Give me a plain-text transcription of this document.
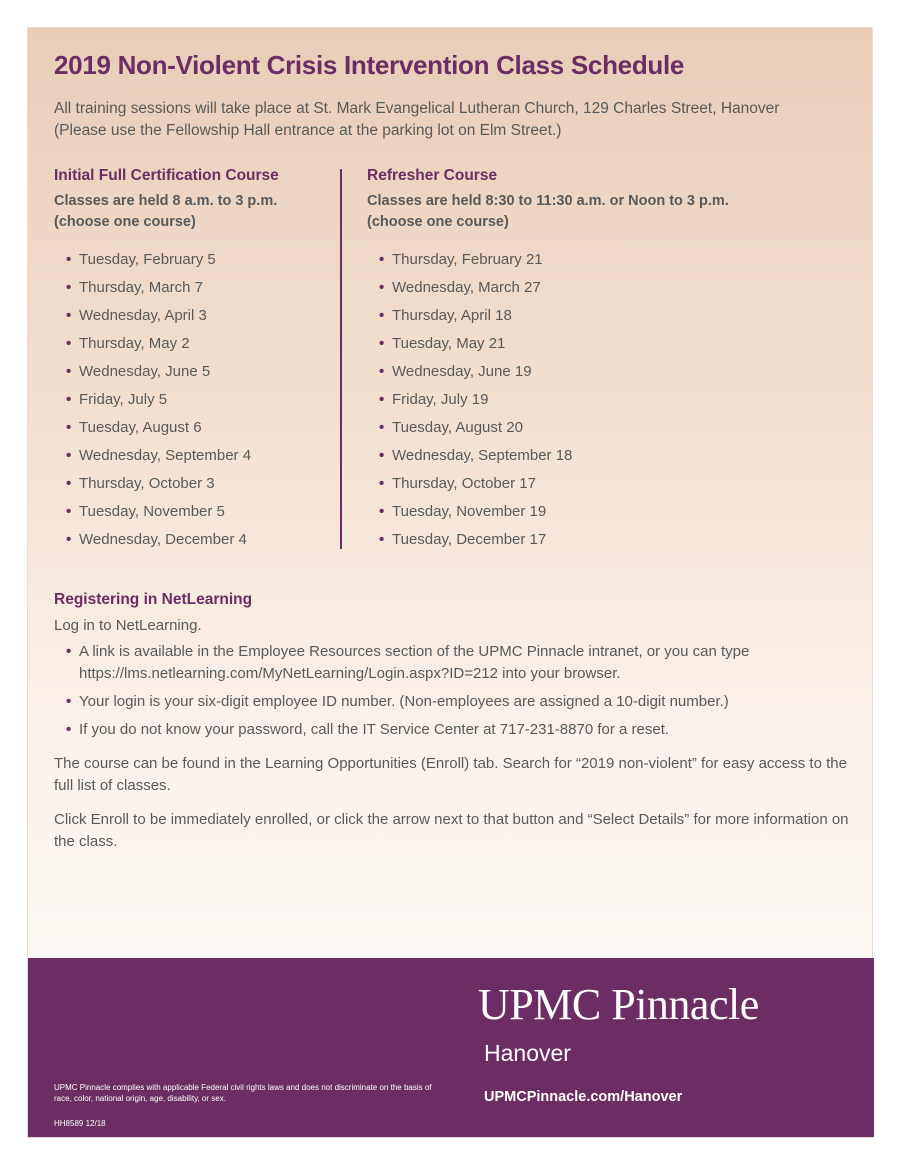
2019 Non-Violent Crisis Intervention Class Schedule
All training sessions will take place at St. Mark Evangelical Lutheran Church, 129 Charles Street, Hanover
(Please use the Fellowship Hall entrance at the parking lot on Elm Street.)
Initial Full Certification Course
Classes are held 8 a.m. to 3 p.m.
(choose one course)
• Tuesday, February 5
• Thursday, March 7
• Wednesday, April 3
• Thursday, May 2
• Wednesday, June 5
• Friday, July 5
• Tuesday, August 6
• Wednesday, September 4
• Thursday, October 3
• Tuesday, November 5
• Wednesday, December 4
Refresher Course
Classes are held 8:30 to 11:30 a.m. or Noon to 3 p.m.
(choose one course)
• Thursday, February 21
• Wednesday, March 27
• Thursday, April 18
• Tuesday, May 21
• Wednesday, June 19
• Friday, July 19
• Tuesday, August 20
• Wednesday, September 18
• Thursday, October 17
• Tuesday, November 19
• Tuesday, December 17
Registering in NetLearning

Log in to NetLearning.

• A link is available in the Employee Resources section of the UPMC Pinnacle intranet, or you can type https://lms.netlearning.com/MyNetLearning/Login.aspx?ID=212 into your browser.
• Your login is your six-digit employee ID number. (Non-employees are assigned a 10-digit number.)
• If you do not know your password, call the IT Service Center at 717-231-8870 for a reset.

The course can be found in the Learning Opportunities (Enroll) tab. Search for “2019 non-violent” for easy access to the full list of classes.

Click Enroll to be immediately enrolled, or click the arrow next to that button and “Select Details” for more information on the class.

UPMC Pinnacle
Hanover
UPMCPinnacle.com/Hanover
UPMC Pinnacle complies with applicable Federal civil rights laws and does not discriminate on the basis of race, color, national origin, age, disability, or sex.
HH8589 12/18
